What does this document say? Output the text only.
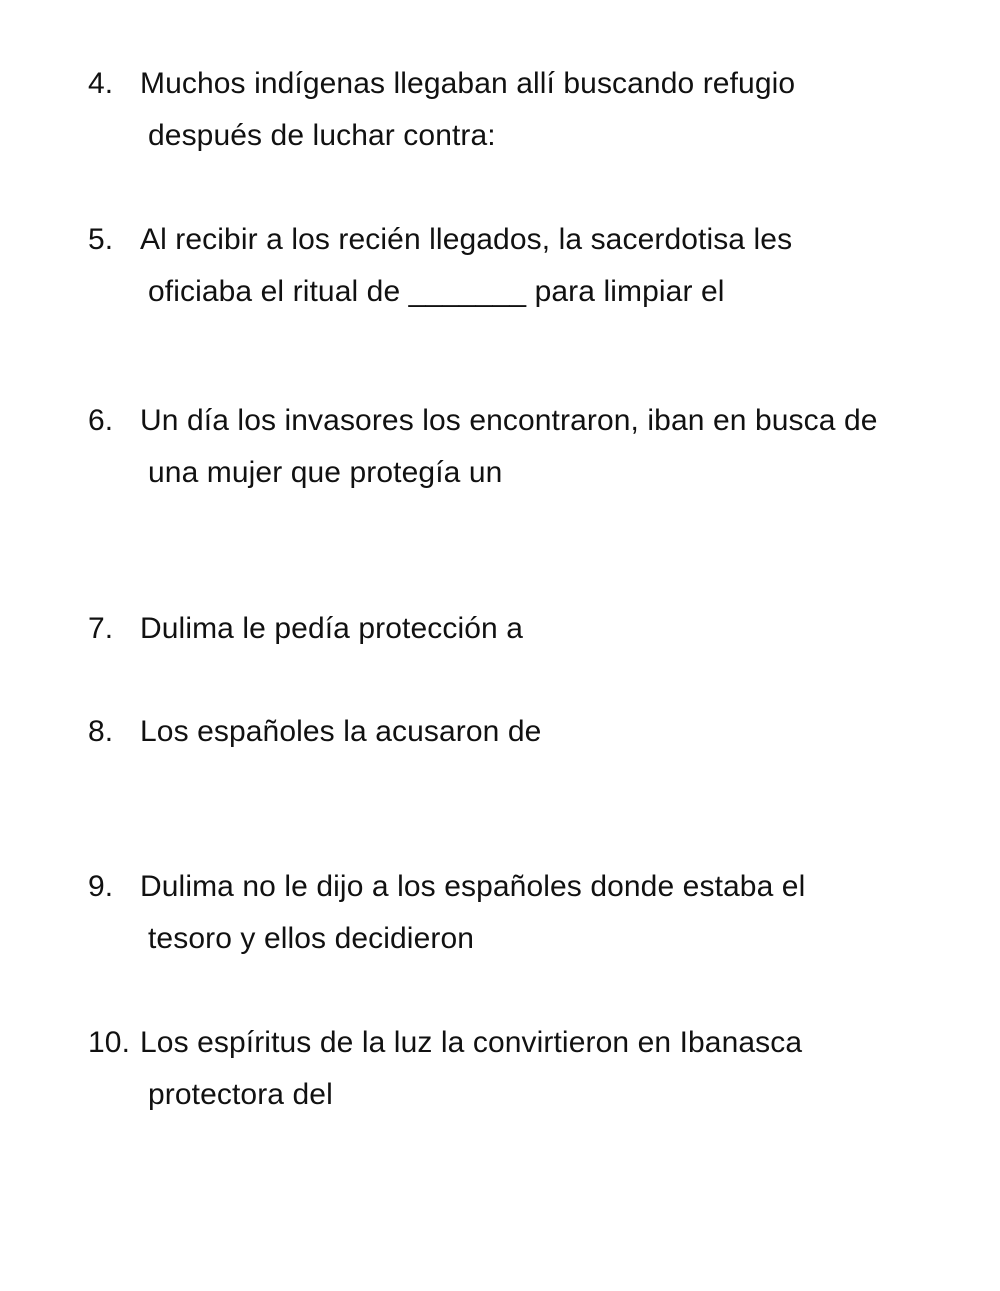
4. Muchos indígenas llegaban allí buscando refugio
después de luchar contra:
5. Al recibir a los recién llegados, la sacerdotisa les
oficiaba el ritual de _______ para limpiar el
6. Un día los invasores los encontraron, iban en busca de
una mujer que protegía un
7. Dulima le pedía protección a
8. Los españoles la acusaron de
9. Dulima no le dijo a los españoles donde estaba el
tesoro y ellos decidieron
10. Los espíritus de la luz la convirtieron en Ibanasca
protectora del
